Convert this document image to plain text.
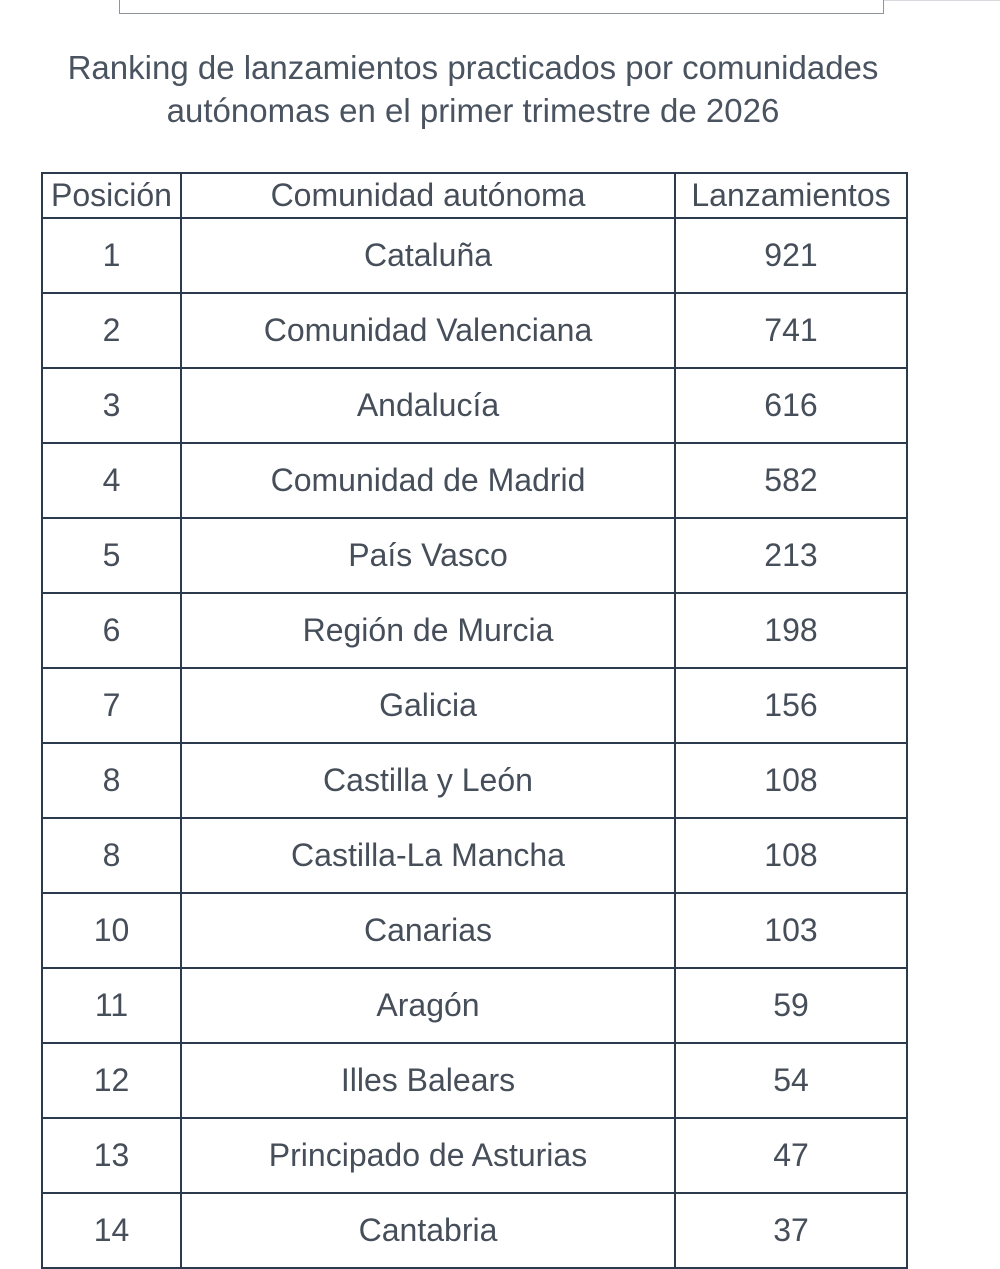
Ranking de lanzamientos practicados por comunidades autónomas en el primer trimestre de 2026
Posición	Comunidad autónoma	Lanzamientos
1	Cataluña	921
2	Comunidad Valenciana	741
3	Andalucía	616
4	Comunidad de Madrid	582
5	País Vasco	213
6	Región de Murcia	198
7	Galicia	156
8	Castilla y León	108
8	Castilla-La Mancha	108
10	Canarias	103
11	Aragón	59
12	Illes Balears	54
13	Principado de Asturias	47
14	Cantabria	37
